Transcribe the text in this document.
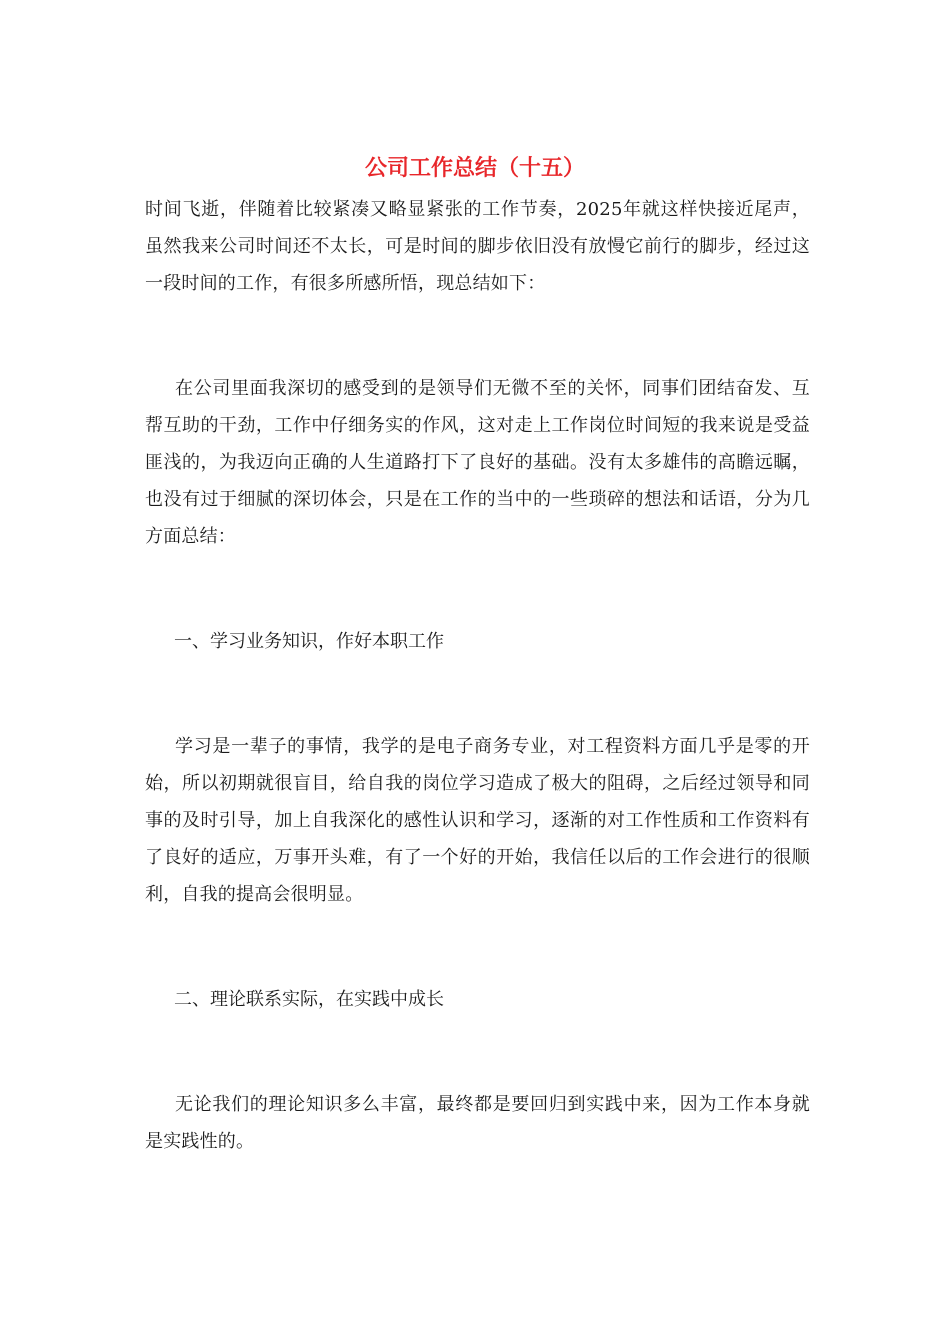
公司工作总结（十五）

时间飞逝，伴随着比较紧凑又略显紧张的工作节奏，2025年就这样快接近尾声，虽然我来公司时间还不太长，可是时间的脚步依旧没有放慢它前行的脚步，经过这一段时间的工作，有很多所感所悟，现总结如下：

在公司里面我深切的感受到的是领导们无微不至的关怀，同事们团结奋发、互帮互助的干劲，工作中仔细务实的作风，这对走上工作岗位时间短的我来说是受益匪浅的，为我迈向正确的人生道路打下了良好的基础。没有太多雄伟的高瞻远瞩，也没有过于细腻的深切体会，只是在工作的当中的一些琐碎的想法和话语，分为几方面总结：

一、学习业务知识，作好本职工作

学习是一辈子的事情，我学的是电子商务专业，对工程资料方面几乎是零的开始，所以初期就很盲目，给自我的岗位学习造成了极大的阻碍，之后经过领导和同事的及时引导，加上自我深化的感性认识和学习，逐渐的对工作性质和工作资料有了良好的适应，万事开头难，有了一个好的开始，我信任以后的工作会进行的很顺利，自我的提高会很明显。

二、理论联系实际，在实践中成长

无论我们的理论知识多么丰富，最终都是要回归到实践中来，因为工作本身就是实践性的。
